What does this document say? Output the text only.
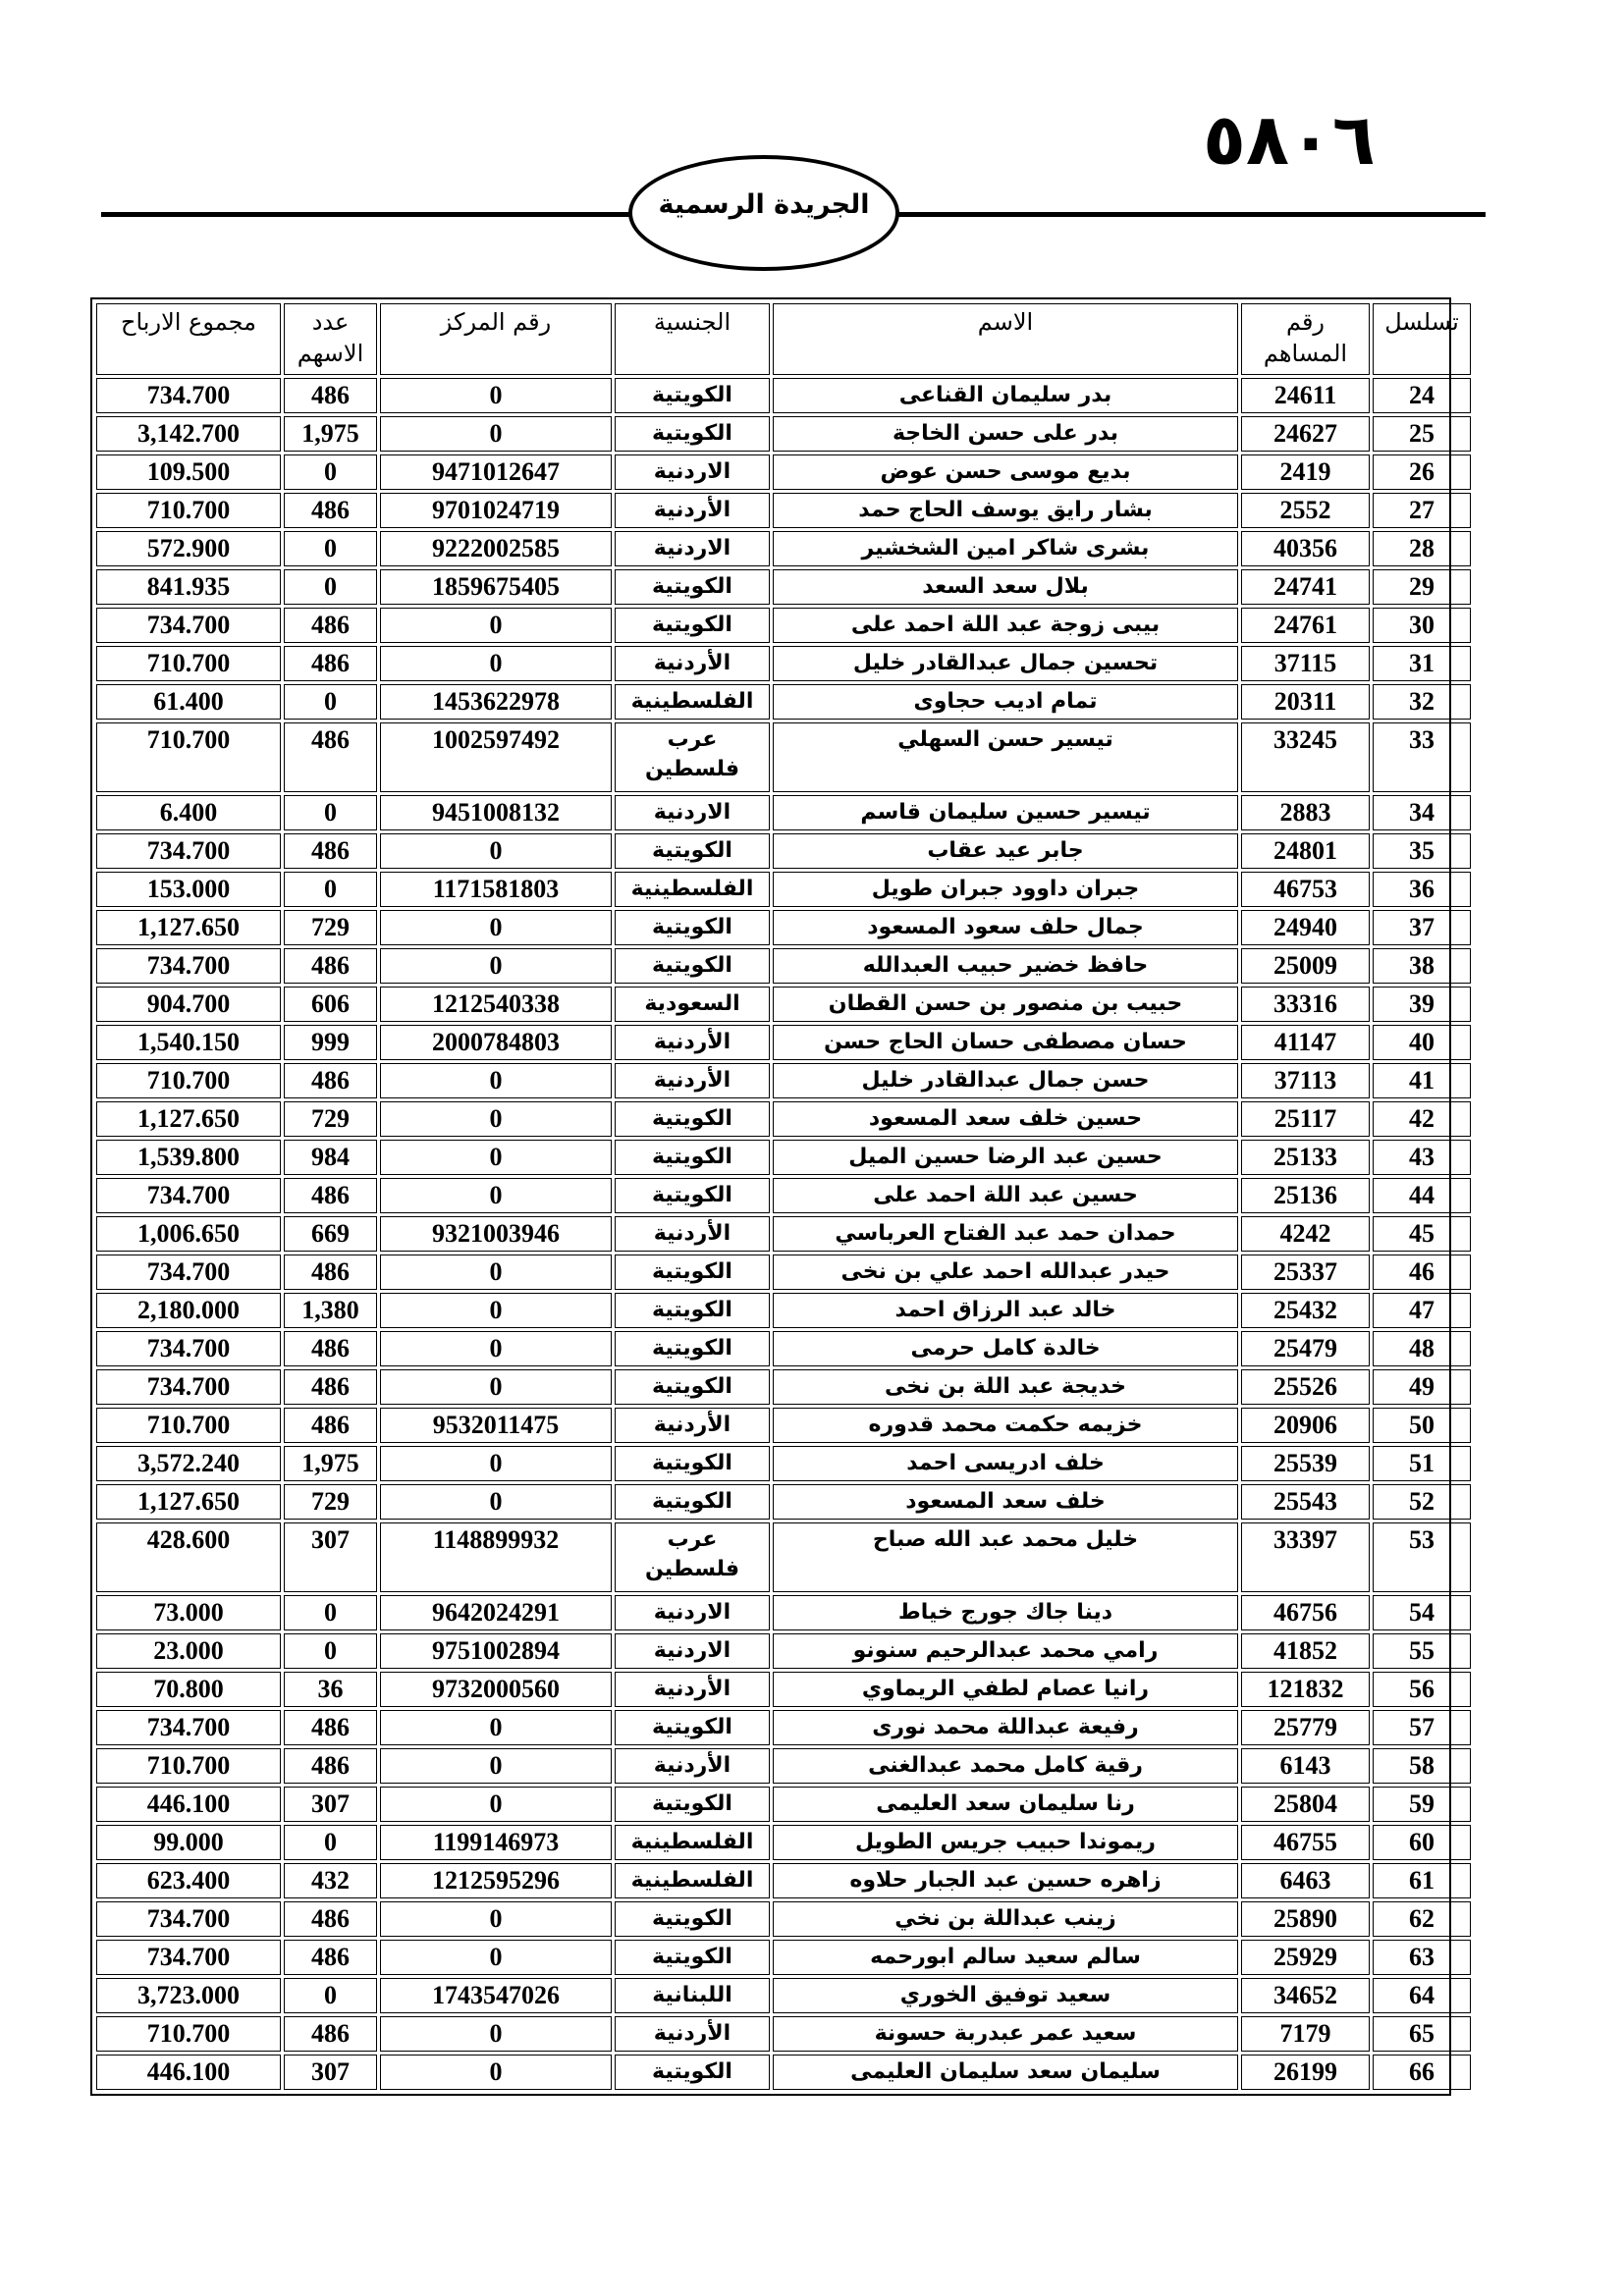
٥٨٠٦
الجريدة الرسمية
تسلسل	رقم المساهم	الاسم	الجنسية	رقم المركز	عدد الاسهم	مجموع الارباح
24	24611	بدر سليمان القناعى	الكويتية	0	486	734.700
25	24627	بدر على حسن الخاجة	الكويتية	0	1,975	3,142.700
26	2419	بديع موسى حسن عوض	الاردنية	9471012647	0	109.500
27	2552	بشار رايق يوسف الحاج حمد	الأردنية	9701024719	486	710.700
28	40356	بشرى شاكر امين الشخشير	الاردنية	9222002585	0	572.900
29	24741	بلال سعد السعد	الكويتية	1859675405	0	841.935
30	24761	بيبى زوجة عبد اللة احمد على	الكويتية	0	486	734.700
31	37115	تحسين جمال عبدالقادر خليل	الأردنية	0	486	710.700
32	20311	تمام اديب حجاوى	الفلسطينية	1453622978	0	61.400
33	33245	تيسير حسن السهلي	عرب فلسطين	1002597492	486	710.700
34	2883	تيسير حسين سليمان قاسم	الاردنية	9451008132	0	6.400
35	24801	جابر عيد عقاب	الكويتية	0	486	734.700
36	46753	جبران داوود جبران طويل	الفلسطينية	1171581803	0	153.000
37	24940	جمال حلف سعود المسعود	الكويتية	0	729	1,127.650
38	25009	حافظ خضير حبيب العبدالله	الكويتية	0	486	734.700
39	33316	حبيب بن منصور بن حسن القطان	السعودية	1212540338	606	904.700
40	41147	حسان مصطفى حسان الحاج حسن	الأردنية	2000784803	999	1,540.150
41	37113	حسن جمال عبدالقادر خليل	الأردنية	0	486	710.700
42	25117	حسين خلف سعد المسعود	الكويتية	0	729	1,127.650
43	25133	حسين عبد الرضا حسين الميل	الكويتية	0	984	1,539.800
44	25136	حسين عبد اللة احمد على	الكويتية	0	486	734.700
45	4242	حمدان حمد عبد الفتاح العرباسي	الأردنية	9321003946	669	1,006.650
46	25337	حيدر عبدالله احمد علي بن نخى	الكويتية	0	486	734.700
47	25432	خالد عبد الرزاق احمد	الكويتية	0	1,380	2,180.000
48	25479	خالدة كامل حرمى	الكويتية	0	486	734.700
49	25526	خديجة عبد اللة بن نخى	الكويتية	0	486	734.700
50	20906	خزيمه حكمت محمد قدوره	الأردنية	9532011475	486	710.700
51	25539	خلف ادريسى احمد	الكويتية	0	1,975	3,572.240
52	25543	خلف سعد المسعود	الكويتية	0	729	1,127.650
53	33397	خليل محمد عبد الله صباح	عرب فلسطين	1148899932	307	428.600
54	46756	دينا جاك جورج خياط	الاردنية	9642024291	0	73.000
55	41852	رامي محمد عبدالرحيم سنونو	الاردنية	9751002894	0	23.000
56	121832	رانيا عصام لطفي الريماوي	الأردنية	9732000560	36	70.800
57	25779	رفيعة عبداللة محمد نورى	الكويتية	0	486	734.700
58	6143	رقية كامل محمد عبدالغنى	الأردنية	0	486	710.700
59	25804	رنا سليمان سعد العليمى	الكويتية	0	307	446.100
60	46755	ريموندا حبيب جريس الطويل	الفلسطينية	1199146973	0	99.000
61	6463	زاهره حسين عبد الجبار حلاوه	الفلسطينية	1212595296	432	623.400
62	25890	زينب عبداللة بن نخي	الكويتية	0	486	734.700
63	25929	سالم سعيد سالم ابورحمه	الكويتية	0	486	734.700
64	34652	سعيد توفيق الخوري	اللبنانية	1743547026	0	3,723.000
65	7179	سعيد عمر عبدربة حسونة	الأردنية	0	486	710.700
66	26199	سليمان سعد سليمان العليمى	الكويتية	0	307	446.100
